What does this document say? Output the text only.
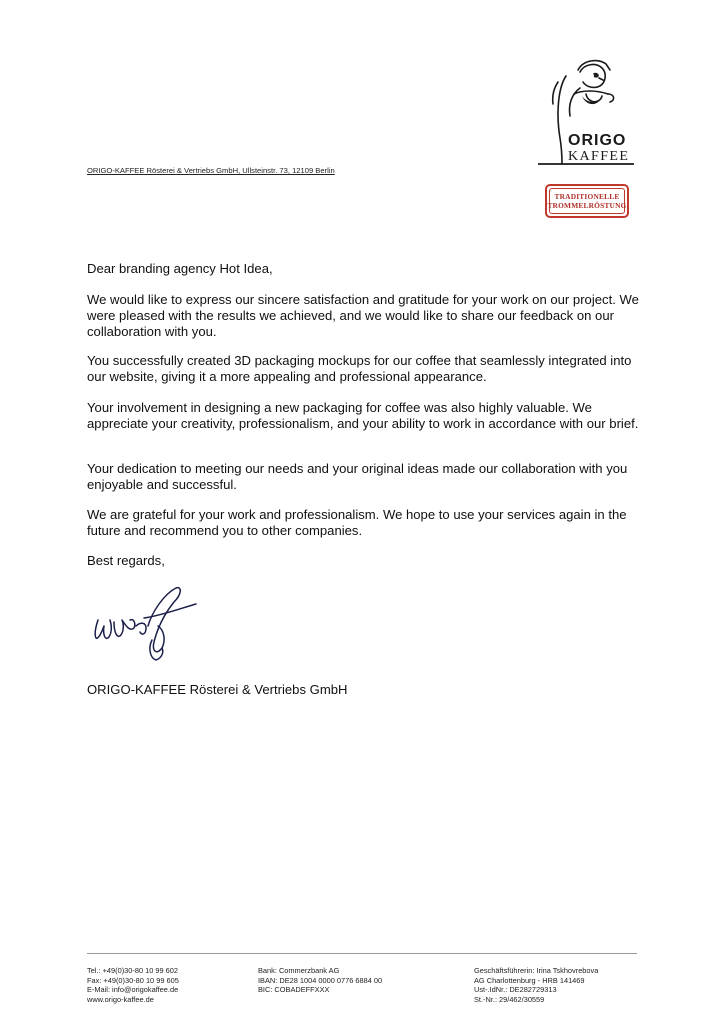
ORIGO
KAFFEE
TRADITIONELLE
TROMMELRÖSTUNG
ORIGO-KAFFEE Rösterei & Vertriebs GmbH, Ullsteinstr. 73, 12109 Berlin

Dear branding agency Hot Idea,

We would like to express our sincere satisfaction and gratitude for your work on our project. We were pleased with the results we achieved, and we would like to share our feedback on our collaboration with you.

You successfully created 3D packaging mockups for our coffee that seamlessly integrated into our website, giving it a more appealing and professional appearance.

Your involvement in designing a new packaging for coffee was also highly valuable. We appreciate your creativity, professionalism, and your ability to work in accordance with our brief.

Your dedication to meeting our needs and your original ideas made our collaboration with you enjoyable and successful.

We are grateful for your work and professionalism. We hope to use your services again in the future and recommend you to other companies.

Best regards,

ORIGO-KAFFEE Rösterei & Vertriebs GmbH

Tel.: +49(0)30-80 10 99 602
Fax: +49(0)30-80 10 99 605
E-Mail: info@origokaffee.de
www.origo-kaffee.de
Bank: Commerzbank AG
IBAN: DE28 1004 0000 0776 6884 00
BIC: COBADEFFXXX
Geschäftsführerin: Irina Tskhovrebova
AG Charlottenburg - HRB 141469
Ust-.IdNr.: DE282729313
St.-Nr.: 29/462/30559
